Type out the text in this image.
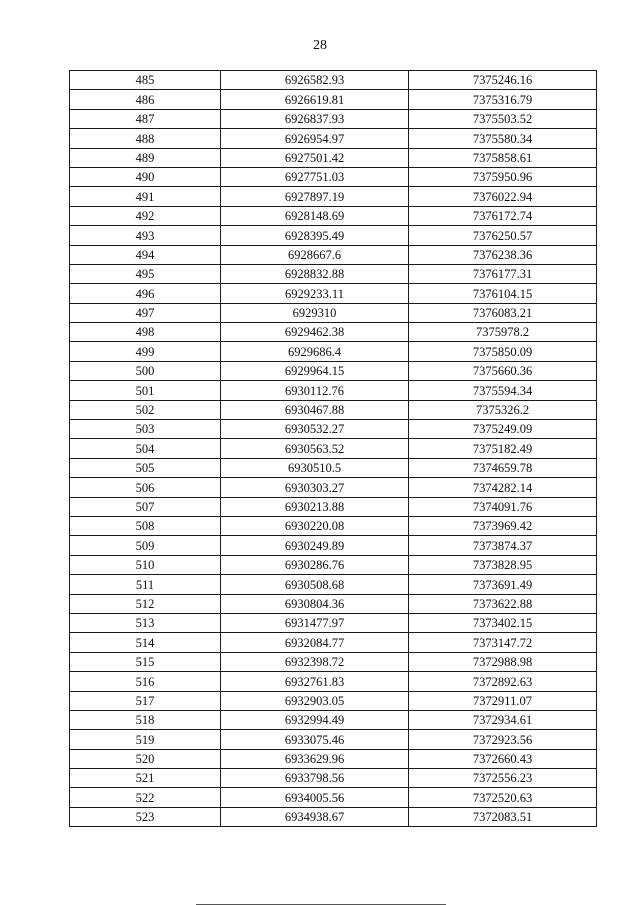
28
485	6926582.93	7375246.16
486	6926619.81	7375316.79
487	6926837.93	7375503.52
488	6926954.97	7375580.34
489	6927501.42	7375858.61
490	6927751.03	7375950.96
491	6927897.19	7376022.94
492	6928148.69	7376172.74
493	6928395.49	7376250.57
494	6928667.6	7376238.36
495	6928832.88	7376177.31
496	6929233.11	7376104.15
497	6929310	7376083.21
498	6929462.38	7375978.2
499	6929686.4	7375850.09
500	6929964.15	7375660.36
501	6930112.76	7375594.34
502	6930467.88	7375326.2
503	6930532.27	7375249.09
504	6930563.52	7375182.49
505	6930510.5	7374659.78
506	6930303.27	7374282.14
507	6930213.88	7374091.76
508	6930220.08	7373969.42
509	6930249.89	7373874.37
510	6930286.76	7373828.95
511	6930508.68	7373691.49
512	6930804.36	7373622.88
513	6931477.97	7373402.15
514	6932084.77	7373147.72
515	6932398.72	7372988.98
516	6932761.83	7372892.63
517	6932903.05	7372911.07
518	6932994.49	7372934.61
519	6933075.46	7372923.56
520	6933629.96	7372660.43
521	6933798.56	7372556.23
522	6934005.56	7372520.63
523	6934938.67	7372083.51
